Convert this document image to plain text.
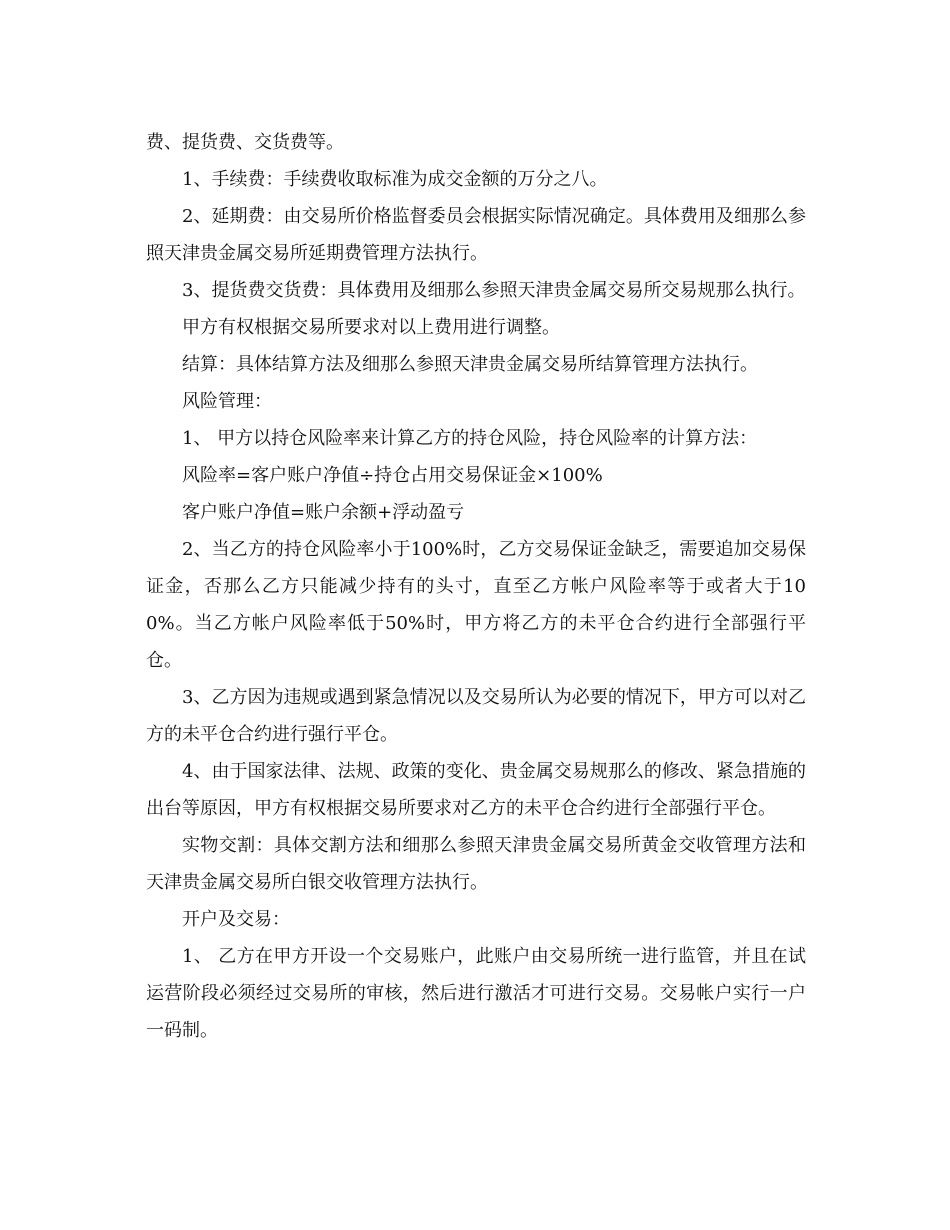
费、提货费、交货费等。

1、手续费：手续费收取标准为成交金额的万分之八。

2、延期费：由交易所价格监督委员会根据实际情况确定。具体费用及细那么参照天津贵金属交易所延期费管理方法执行。

3、提货费交货费：具体费用及细那么参照天津贵金属交易所交易规那么执行。

甲方有权根据交易所要求对以上费用进行调整。

结算：具体结算方法及细那么参照天津贵金属交易所结算管理方法执行。

风险管理：

1、 甲方以持仓风险率来计算乙方的持仓风险，持仓风险率的计算方法：

风险率=客户账户净值÷持仓占用交易保证金×100%

客户账户净值=账户余额+浮动盈亏

2、当乙方的持仓风险率小于100%时，乙方交易保证金缺乏，需要追加交易保证金，否那么乙方只能减少持有的头寸，直至乙方帐户风险率等于或者大于100%。当乙方帐户风险率低于50%时，甲方将乙方的未平仓合约进行全部强行平仓。

3、乙方因为违规或遇到紧急情况以及交易所认为必要的情况下，甲方可以对乙方的未平仓合约进行强行平仓。

4、由于国家法律、法规、政策的变化、贵金属交易规那么的修改、紧急措施的出台等原因，甲方有权根据交易所要求对乙方的未平仓合约进行全部强行平仓。

实物交割：具体交割方法和细那么参照天津贵金属交易所黄金交收管理方法和天津贵金属交易所白银交收管理方法执行。

开户及交易：

1、 乙方在甲方开设一个交易账户，此账户由交易所统一进行监管，并且在试运营阶段必须经过交易所的审核，然后进行激活才可进行交易。交易帐户实行一户一码制。
